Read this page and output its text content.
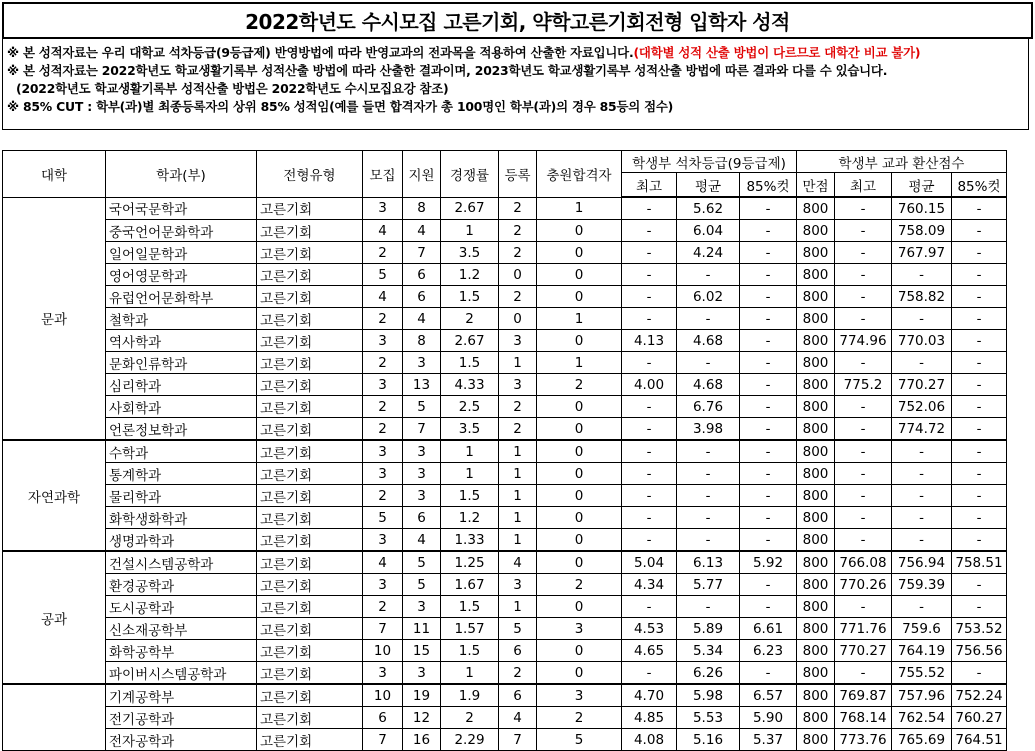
2022학년도 수시모집 고른기회, 약학고른기회전형 입학자 성적
※ 본 성적자료는 우리 대학교 석차등급(9등급제) 반영방법에 따라 반영교과의 전과목을 적용하여 산출한 자료입니다.(대학별 성적 산출 방법이 다르므로 대학간 비교 불가)
※ 본 성적자료는 2022학년도 학교생활기록부 성적산출 방법에 따라 산출한 결과이며, 2023학년도 학교생활기록부 성적산출 방법에 따른 결과와 다를 수 있습니다.
(2022학년도 학교생활기록부 성적산출 방법은 2022학년도 수시모집요강 참조)
※ 85% CUT : 학부(과)별 최종등록자의 상위 85% 성적임(예를 들면 합격자가 총 100명인 학부(과)의 경우 85등의 점수)
대학	학과(부)	전형유형	모집	지원	경쟁률	등록	충원합격자	학생부 석차등급(9등급제)			학생부 교과 환산점수			
								최고	평균	85%컷	만점	최고	평균	85%컷
문과	국어국문학과	고른기회	3	8	2.67	2	1	-	5.62	-	800	-	760.15	-
	중국언어문화학과	고른기회	4	4	1	2	0	-	6.04	-	800	-	758.09	-
	일어일문학과	고른기회	2	7	3.5	2	0	-	4.24	-	800	-	767.97	-
	영어영문학과	고른기회	5	6	1.2	0	0	-	-	-	800	-	-	-
	유럽언어문화학부	고른기회	4	6	1.5	2	0	-	6.02	-	800	-	758.82	-
	철학과	고른기회	2	4	2	0	1	-	-	-	800	-	-	-
	역사학과	고른기회	3	8	2.67	3	0	4.13	4.68	-	800	774.96	770.03	-
	문화인류학과	고른기회	2	3	1.5	1	1	-	-	-	800	-	-	-
	심리학과	고른기회	3	13	4.33	3	2	4.00	4.68	-	800	775.2	770.27	-
	사회학과	고른기회	2	5	2.5	2	0	-	6.76	-	800	-	752.06	-
	언론정보학과	고른기회	2	7	3.5	2	0	-	3.98	-	800	-	774.72	-
자연과학	수학과	고른기회	3	3	1	1	0	-	-	-	800	-	-	-
	통계학과	고른기회	3	3	1	1	0	-	-	-	800	-	-	-
	물리학과	고른기회	2	3	1.5	1	0	-	-	-	800	-	-	-
	화학생화학과	고른기회	5	6	1.2	1	0	-	-	-	800	-	-	-
	생명과학과	고른기회	3	4	1.33	1	0	-	-	-	800	-	-	-
공과	건설시스템공학과	고른기회	4	5	1.25	4	0	5.04	6.13	5.92	800	766.08	756.94	758.51
	환경공학과	고른기회	3	5	1.67	3	2	4.34	5.77	-	800	770.26	759.39	-
	도시공학과	고른기회	2	3	1.5	1	0	-	-	-	800	-	-	-
	신소재공학부	고른기회	7	11	1.57	5	3	4.53	5.89	6.61	800	771.76	759.6	753.52
	화학공학부	고른기회	10	15	1.5	6	0	4.65	5.34	6.23	800	770.27	764.19	756.56
	파이버시스템공학과	고른기회	3	3	1	2	0	-	6.26	-	800	-	755.52	-
	기계공학부	고른기회	10	19	1.9	6	3	4.70	5.98	6.57	800	769.87	757.96	752.24
	전기공학과	고른기회	6	12	2	4	2	4.85	5.53	5.90	800	768.14	762.54	760.27
	전자공학과	고른기회	7	16	2.29	7	5	4.08	5.16	5.37	800	773.76	765.69	764.51
